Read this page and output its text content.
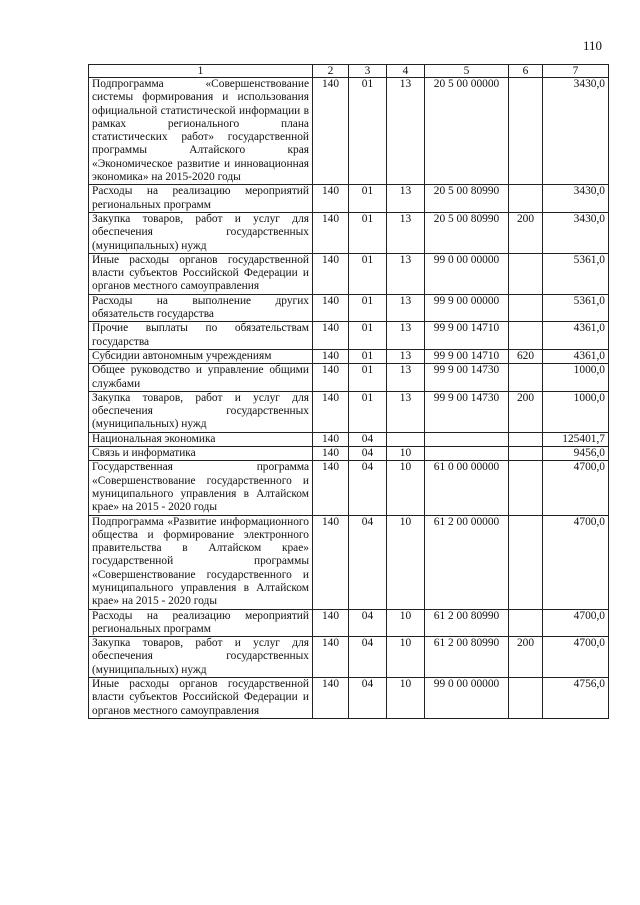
110
1	2	3	4	5	6	7
Подпрограмма «Совершенствование системы формирования и использования официальной статистической информации в рамках регионального плана статистических работ» государственной программы Алтайского края «Экономическое развитие и инновационная экономика» на 2015-2020 годы	140	01	13	20 5 00 00000		3430,0
Расходы на реализацию мероприятий региональных программ	140	01	13	20 5 00 80990		3430,0
Закупка товаров, работ и услуг для обеспечения государственных (муниципальных) нужд	140	01	13	20 5 00 80990	200	3430,0
Иные расходы органов государственной власти субъектов Российской Федерации и органов местного самоуправления	140	01	13	99 0 00 00000		5361,0
Расходы на выполнение других обязательств государства	140	01	13	99 9 00 00000		5361,0
Прочие выплаты по обязательствам государства	140	01	13	99 9 00 14710		4361,0
Субсидии автономным учреждениям	140	01	13	99 9 00 14710	620	4361,0
Общее руководство и управление общими службами	140	01	13	99 9 00 14730		1000,0
Закупка товаров, работ и услуг для обеспечения государственных (муниципальных) нужд	140	01	13	99 9 00 14730	200	1000,0
Национальная экономика	140	04				125401,7
Связь и информатика	140	04	10			9456,0
Государственная программа «Совершенствование государственного и муниципального управления в Алтайском крае» на 2015 - 2020 годы	140	04	10	61 0 00 00000		4700,0
Подпрограмма «Развитие информационного общества и формирование электронного правительства в Алтайском крае» государственной программы «Совершенствование государственного и муниципального управления в Алтайском крае» на 2015 - 2020 годы	140	04	10	61 2 00 00000		4700,0
Расходы на реализацию мероприятий региональных программ	140	04	10	61 2 00 80990		4700,0
Закупка товаров, работ и услуг для обеспечения государственных (муниципальных) нужд	140	04	10	61 2 00 80990	200	4700,0
Иные расходы органов государственной власти субъектов Российской Федерации и органов местного самоуправления	140	04	10	99 0 00 00000		4756,0
